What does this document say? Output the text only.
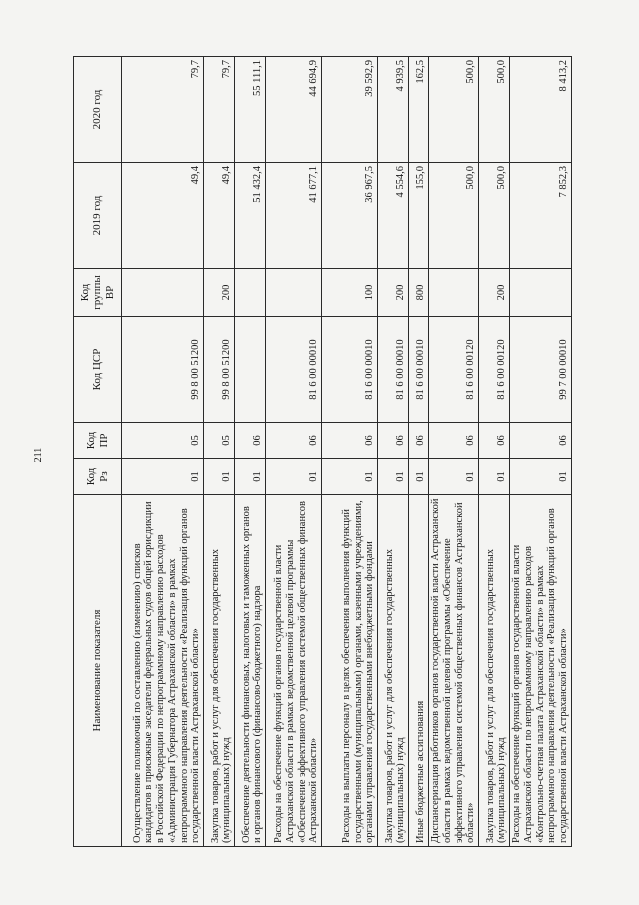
211
Наименование показателя	Код Рз	Код ПР	Код ЦСР	Код группы ВР	2019 год	2020 год
Осуществление полномочий по составлению (изменению) списков кандидатов в присяжные заседатели федеральных судов общей юрисдикции в Российской Федерации по непрограммному направлению расходов «Администрация Губернатора Астраханской области» в рамках непрограммного направления деятельности «Реализация функций органов государственной власти Астраханской области»	01	05	99 8 00 51200		49,4	79,7
Закупка товаров, работ и услуг для обеспечения государственных (муниципальных) нужд	01	05	99 8 00 51200	200	49,4	79,7
Обеспечение деятельности финансовых, налоговых и таможенных органов и органов финансового (финансово-бюджетного) надзора	01	06			51 432,4	55 111,1
Расходы на обеспечение функций органов государственной власти Астраханской области в рамках ведомственной целевой программы «Обеспечение эффективного управления системой общественных финансов Астраханской области»	01	06	81 6 00 00010		41 677,1	44 694,9
Расходы на выплаты персоналу в целях обеспечения выполнения функций государственными (муниципальными) органами, казенными учреждениями, органами управления государственными внебюджетными фондами	01	06	81 6 00 00010	100	36 967,5	39 592,9
Закупка товаров, работ и услуг для обеспечения государственных (муниципальных) нужд	01	06	81 6 00 00010	200	4 554,6	4 939,5
Иные бюджетные ассигнования	01	06	81 6 00 00010	800	155,0	162,5
Диспансеризация работников органов государственной власти Астраханской области в рамках ведомственной целевой программы «Обеспечение эффективного управления системой общественных финансов Астраханской области»	01	06	81 6 00 00120		500,0	500,0
Закупка товаров, работ и услуг для обеспечения государственных (муниципальных) нужд	01	06	81 6 00 00120	200	500,0	500,0
Расходы на обеспечение функций органов государственной власти Астраханской области по непрограммному направлению расходов «Контрольно-счетная палата Астраханской области» в рамках непрограммного направления деятельности «Реализация функций органов государственной власти Астраханской области»	01	06	99 7 00 00010		7 852,3	8 413,2
